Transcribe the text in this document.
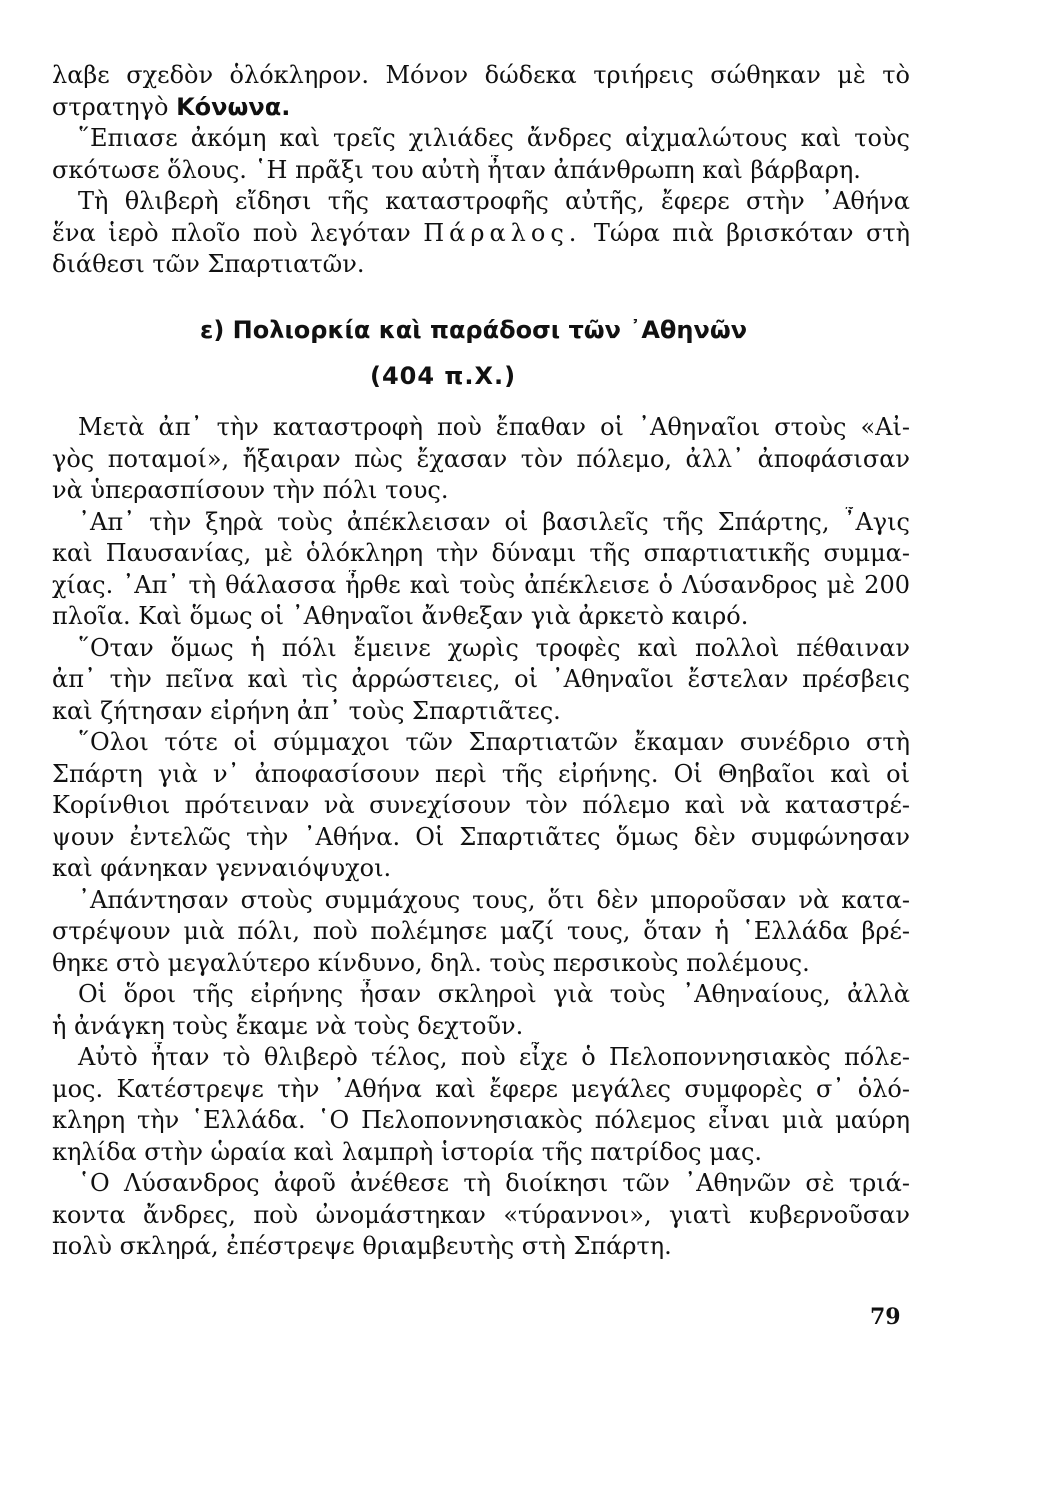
λαβε σχεδὸν ὁλόκληρον. Μόνον δώδεκα τριήρεις σώθηκαν μὲ τὸ
στρατηγὸ Κόνωνα.
῞Επιασε ἀκόμη καὶ τρεῖς χιλιάδες ἄνδρες αἰχμαλώτους καὶ τοὺς
σκότωσε ὅλους. ῾Η πρᾶξι του αὐτὴ ἦταν ἀπάνθρωπη καὶ βάρβαρη.
Τὴ θλιβερὴ εἴδησι τῆς καταστροφῆς αὐτῆς, ἔφερε στὴν ᾿Αθήνα
ἕνα ἱερὸ πλοῖο ποὺ λεγόταν Πάραλος. Τώρα πιὰ βρισκόταν στὴ
διάθεσι τῶν Σπαρτιατῶν.
ε) Πολιορκία καὶ παράδοσι τῶν ᾿Αθηνῶν
(404 π.Χ.)
Μετὰ ἀπ᾿ τὴν καταστροφὴ ποὺ ἔπαθαν οἱ ᾿Αθηναῖοι στοὺς «Αἰ-
γὸς ποταμοί», ἤξαιραν πὼς ἔχασαν τὸν πόλεμο, ἀλλ᾿ ἀποφάσισαν
νὰ ὑπερασπίσουν τὴν πόλι τους.
᾿Απ᾿ τὴν ξηρὰ τοὺς ἀπέκλεισαν οἱ βασιλεῖς τῆς Σπάρτης, ῏Αγις
καὶ Παυσανίας, μὲ ὁλόκληρη τὴν δύναμι τῆς σπαρτιατικῆς συμμα-
χίας. ᾿Απ᾿ τὴ θάλασσα ἦρθε καὶ τοὺς ἀπέκλεισε ὁ Λύσανδρος μὲ 200
πλοῖα. Καὶ ὅμως οἱ ᾿Αθηναῖοι ἄνθεξαν γιὰ ἀρκετὸ καιρό.
῞Οταν ὅμως ἡ πόλι ἔμεινε χωρὶς τροφὲς καὶ πολλοὶ πέθαιναν
ἀπ᾿ τὴν πεῖνα καὶ τὶς ἀρρώστειες, οἱ ᾿Αθηναῖοι ἔστελαν πρέσβεις
καὶ ζήτησαν εἰρήνη ἀπ᾿ τοὺς Σπαρτιᾶτες.
῞Ολοι τότε οἱ σύμμαχοι τῶν Σπαρτιατῶν ἔκαμαν συνέδριο στὴ
Σπάρτη γιὰ ν᾿ ἀποφασίσουν περὶ τῆς εἰρήνης. Οἱ Θηβαῖοι καὶ οἱ
Κορίνθιοι πρότειναν νὰ συνεχίσουν τὸν πόλεμο καὶ νὰ καταστρέ-
ψουν ἐντελῶς τὴν ᾿Αθήνα. Οἱ Σπαρτιᾶτες ὅμως δὲν συμφώνησαν
καὶ φάνηκαν γενναιόψυχοι.
᾿Απάντησαν στοὺς συμμάχους τους, ὅτι δὲν μποροῦσαν νὰ κατα-
στρέψουν μιὰ πόλι, ποὺ πολέμησε μαζί τους, ὅταν ἡ ῾Ελλάδα βρέ-
θηκε στὸ μεγαλύτερο κίνδυνο, δηλ. τοὺς περσικοὺς πολέμους.
Οἱ ὅροι τῆς εἰρήνης ἦσαν σκληροὶ γιὰ τοὺς ᾿Αθηναίους, ἀλλὰ
ἡ ἀνάγκη τοὺς ἔκαμε νὰ τοὺς δεχτοῦν.
Αὐτὸ ἦταν τὸ θλιβερὸ τέλος, ποὺ εἶχε ὁ Πελοποννησιακὸς πόλε-
μος. Κατέστρεψε τὴν ᾿Αθήνα καὶ ἔφερε μεγάλες συμφορὲς σ᾿ ὁλό-
κληρη τὴν ῾Ελλάδα. ῾Ο Πελοποννησιακὸς πόλεμος εἶναι μιὰ μαύρη
κηλίδα στὴν ὡραία καὶ λαμπρὴ ἱστορία τῆς πατρίδος μας.
῾Ο Λύσανδρος ἀφοῦ ἀνέθεσε τὴ διοίκησι τῶν ᾿Αθηνῶν σὲ τριά-
κοντα ἄνδρες, ποὺ ὠνομάστηκαν «τύραννοι», γιατὶ κυβερνοῦσαν
πολὺ σκληρά, ἐπέστρεψε θριαμβευτὴς στὴ Σπάρτη.
79
